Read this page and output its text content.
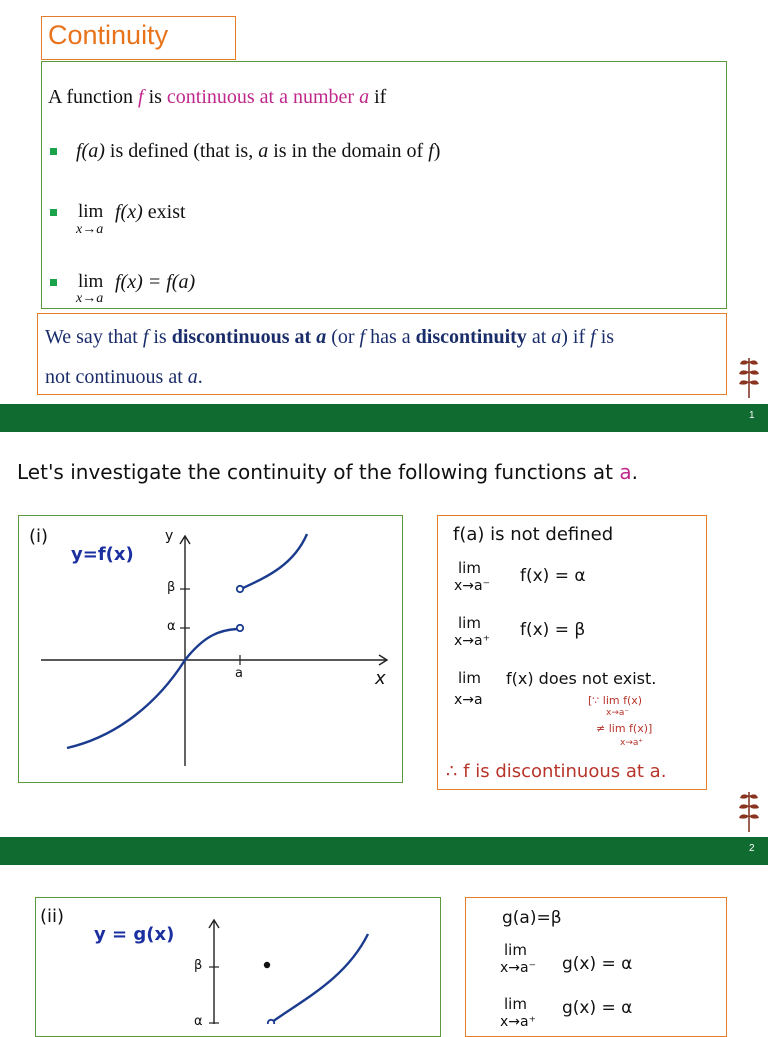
Continuity
A function f is continuous at a number a if
f(a) is defined (that is, a is in the domain of f)
lim
x→a
f(x) exist
lim
x→a
f(x) = f(a)
We say that f is discontinuous at a (or f has a discontinuity at a) if f is
not continuous at a.
1
Let's investigate the continuity of the following functions at a.
(i)
y=f(x)
y
x
β
α
a
f(a) is not defined
lim
x→a⁻ f(x) = α
lim
x→a⁺
f(x) = β
lim
x→a
f(x) does not exist.
[∵ lim f(x)
x→a⁻
≠ lim f(x)]
x→a⁺
∴ f is discontinuous at a.
2
(ii)
y = g(x)
β
α
g(a)=β
lim
x→a⁻ g(x) = α
lim
x→a⁺
g(x) = α
